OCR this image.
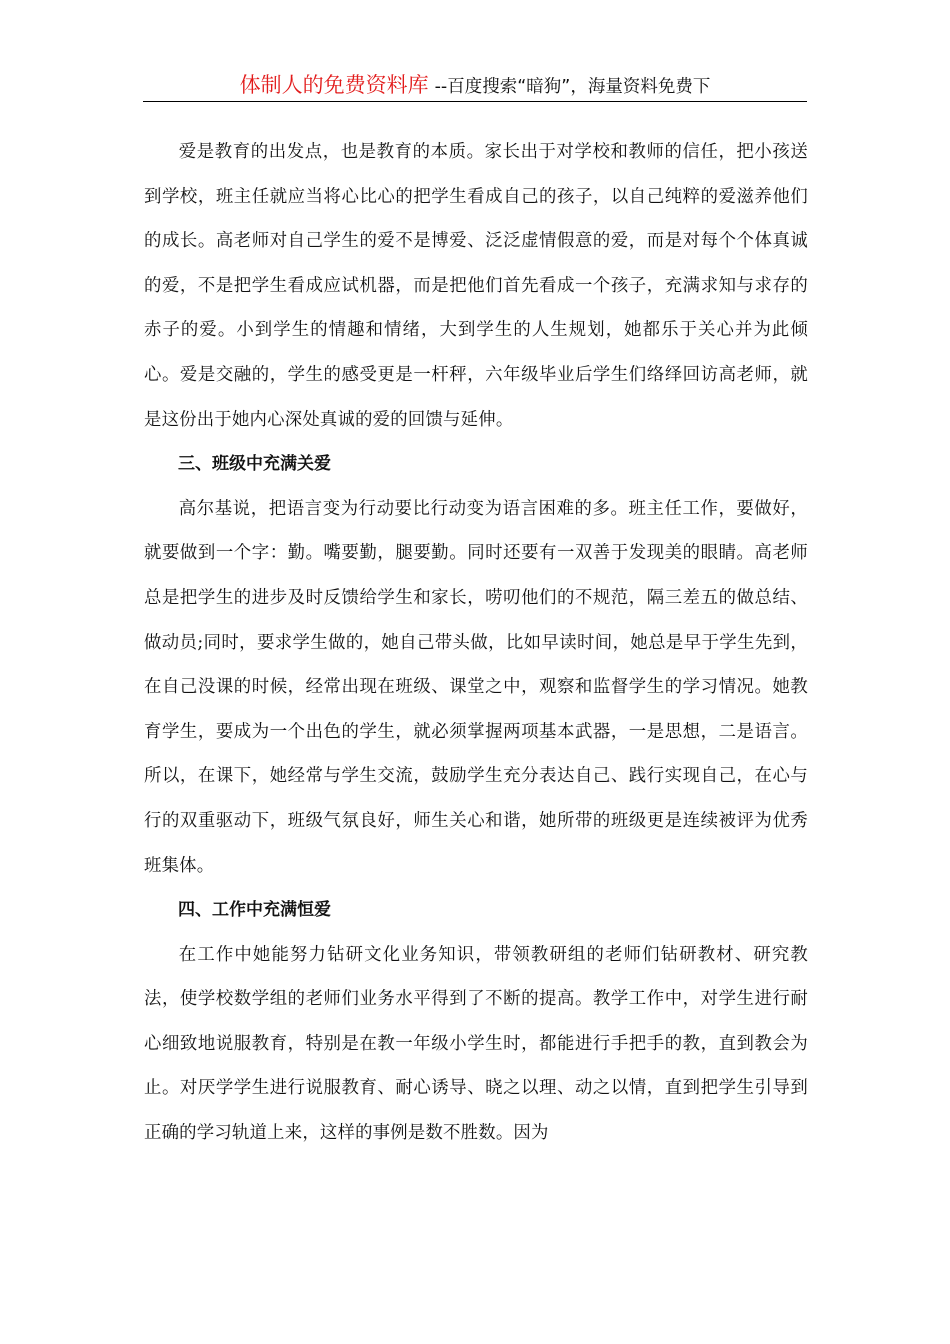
体制人的免费资料库 --百度搜索“暗狗”，海量资料免费下

爱是教育的出发点，也是教育的本质。家长出于对学校和教师的信任，把小孩送到学校，班主任就应当将心比心的把学生看成自己的孩子，以自己纯粹的爱滋养他们的成长。高老师对自己学生的爱不是博爱、泛泛虚情假意的爱，而是对每个个体真诚的爱，不是把学生看成应试机器，而是把他们首先看成一个孩子，充满求知与求存的赤子的爱。小到学生的情趣和情绪，大到学生的人生规划，她都乐于关心并为此倾心。爱是交融的，学生的感受更是一杆秤，六年级毕业后学生们络绎回访高老师，就是这份出于她内心深处真诚的爱的回馈与延伸。

三、班级中充满关爱

高尔基说，把语言变为行动要比行动变为语言困难的多。班主任工作，要做好，就要做到一个字：勤。嘴要勤，腿要勤。同时还要有一双善于发现美的眼睛。高老师总是把学生的进步及时反馈给学生和家长，唠叨他们的不规范，隔三差五的做总结、做动员;同时，要求学生做的，她自己带头做，比如早读时间，她总是早于学生先到，在自己没课的时候，经常出现在班级、课堂之中，观察和监督学生的学习情况。她教育学生，要成为一个出色的学生，就必须掌握两项基本武器，一是思想，二是语言。所以，在课下，她经常与学生交流，鼓励学生充分表达自己、践行实现自己，在心与行的双重驱动下，班级气氛良好，师生关心和谐，她所带的班级更是连续被评为优秀班集体。

四、工作中充满恒爱

在工作中她能努力钻研文化业务知识，带领教研组的老师们钻研教材、研究教法，使学校数学组的老师们业务水平得到了不断的提高。教学工作中，对学生进行耐心细致地说服教育，特别是在教一年级小学生时，都能进行手把手的教，直到教会为止。对厌学学生进行说服教育、耐心诱导、晓之以理、动之以情，直到把学生引导到正确的学习轨道上来，这样的事例是数不胜数。因为
